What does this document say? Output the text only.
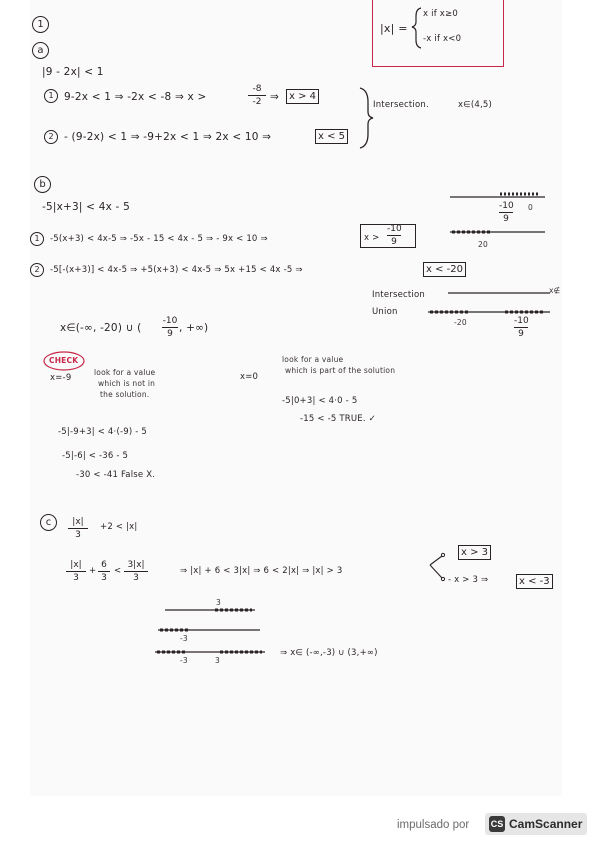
1	|x| =
x if x≥0
-x if x<0
a
|9 - 2x| < 1
1 9-2x < 1 ⇒ -2x < -8 ⇒ x >
-8
-2 ⇒	x > 4
2 - (9-2x) < 1 ⇒ -9+2x < 1 ⇒ 2x < 10 ⇒	x < 5
Intersection.	x∈(4,5)
b
-5|x+3| < 4x - 5	-10
9
0
1	-5(x+3) < 4x-5 ⇒ -5x - 15 < 4x - 5 ⇒ - 9x < 10 ⇒	x >
-10
9	20
2	-5[-(x+3)] < 4x-5 ⇒ +5(x+3) < 4x-5 ⇒ 5x +15 < 4x -5 ⇒	x < -20
Intersection	x∉
Union
-20	-10
9
x∈(-∞, -20) ∪ (
-10
9 , +∞)
CHECK
x=-9
look for a value
which is not in
the solution.
-5|-9+3| < 4·(-9) - 5
-5|-6| < -36 - 5
-30 < -41 False X.
x=0
look for a value
which is part of the solution
-5|0+3| < 4·0 - 5
-15 < -5 TRUE. ✓
c	|x|
3
+2 < |x|
|x|
3
+
6
3
<
3|x|
3
⇒ |x| + 6 < 3|x| ⇒ 6 < 2|x| ⇒ |x| > 3
x > 3
- x > 3 ⇒	x < -3
3
-3
-3	3
⇒ x∈ (-∞,-3) ∪ (3,+∞)
impulsado por CS CamScanner
